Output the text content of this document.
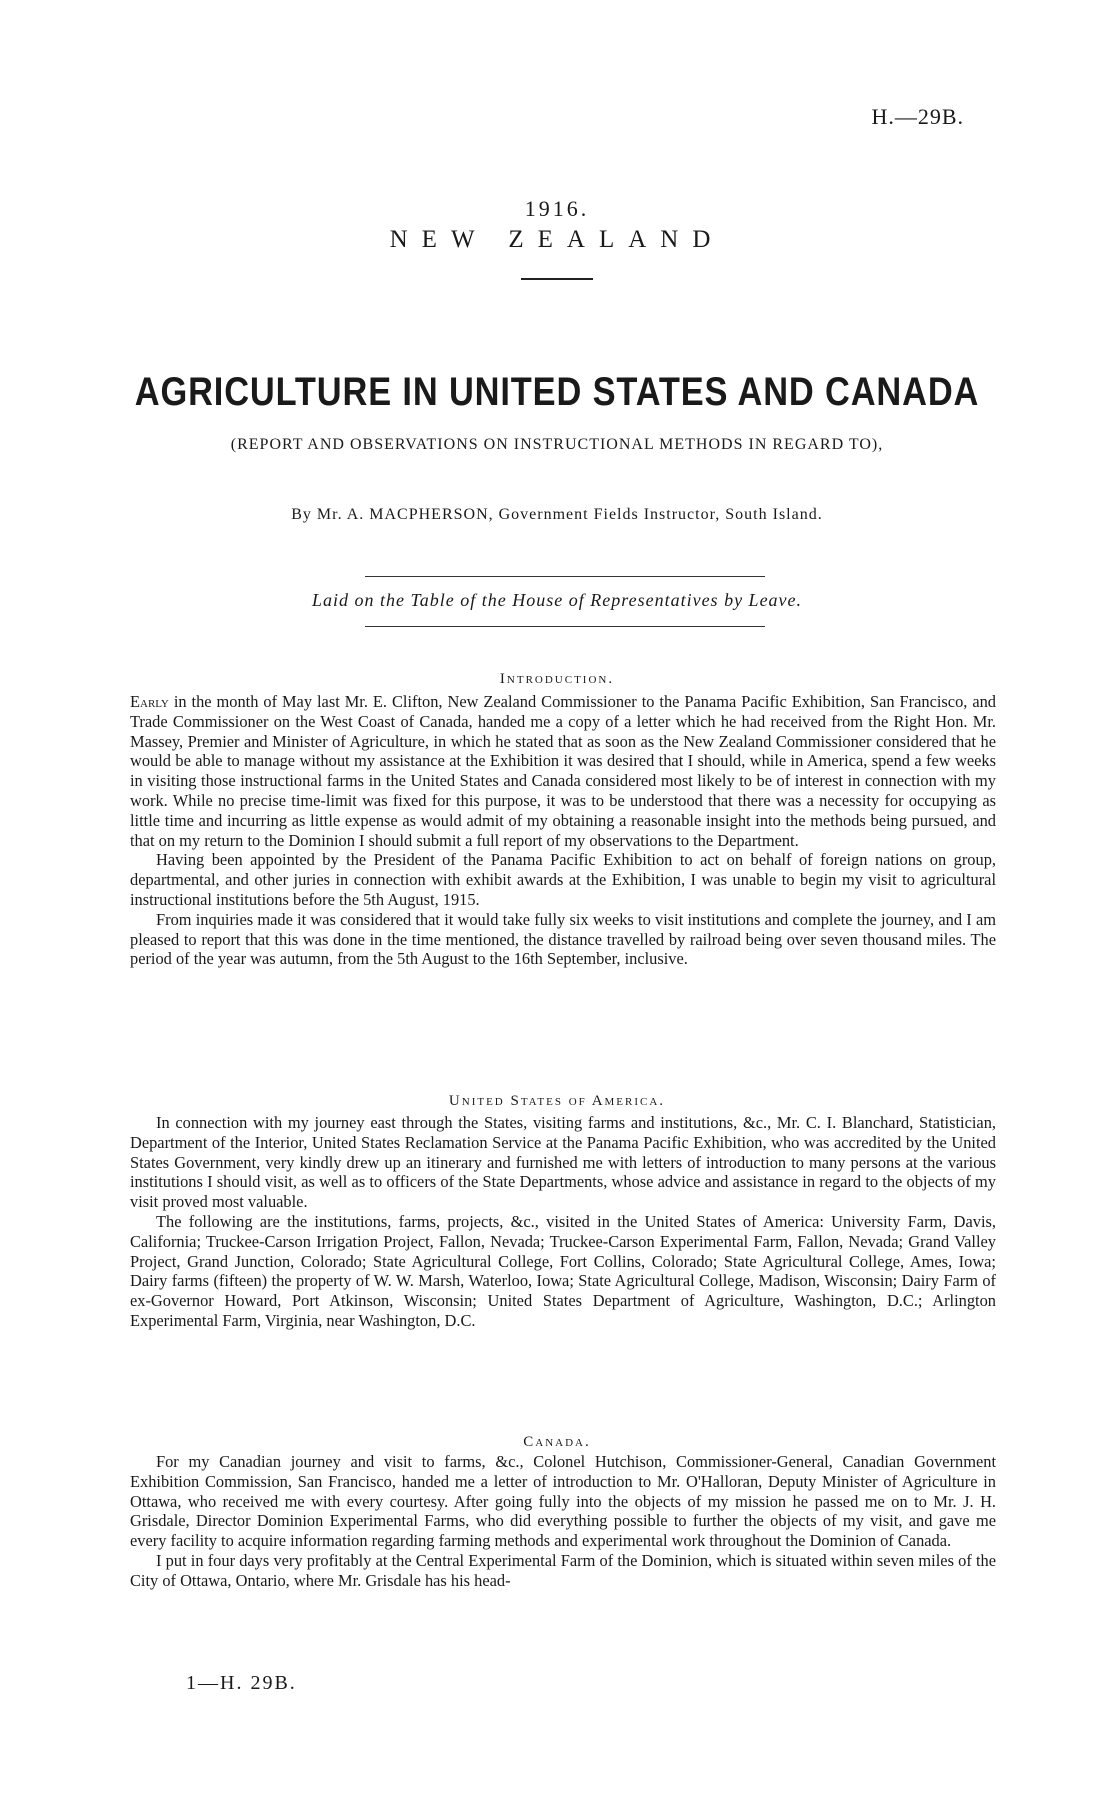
H.—29B.
1916.
NEW ZEALAND
AGRICULTURE IN UNITED STATES AND CANADA
(REPORT AND OBSERVATIONS ON INSTRUCTIONAL METHODS IN REGARD TO),
By Mr. A. MACPHERSON, Government Fields Instructor, South Island.
Laid on the Table of the House of Representatives by Leave.
Introduction.

Early in the month of May last Mr. E. Clifton, New Zealand Commissioner to the Panama Pacific Exhibition, San Francisco, and Trade Commissioner on the West Coast of Canada, handed me a copy of a letter which he had received from the Right Hon. Mr. Massey, Premier and Minister of Agriculture, in which he stated that as soon as the New Zealand Commissioner considered that he would be able to manage without my assistance at the Exhibition it was desired that I should, while in America, spend a few weeks in visiting those instructional farms in the United States and Canada considered most likely to be of interest in connection with my work. While no precise time-limit was fixed for this purpose, it was to be understood that there was a necessity for occupying as little time and incurring as little expense as would admit of my obtaining a reasonable insight into the methods being pursued, and that on my return to the Dominion I should submit a full report of my observations to the Department.

Having been appointed by the President of the Panama Pacific Exhibition to act on behalf of foreign nations on group, departmental, and other juries in connection with exhibit awards at the Exhibition, I was unable to begin my visit to agricultural instructional institutions before the 5th August, 1915.

From inquiries made it was considered that it would take fully six weeks to visit institutions and complete the journey, and I am pleased to report that this was done in the time mentioned, the distance travelled by railroad being over seven thousand miles. The period of the year was autumn, from the 5th August to the 16th September, inclusive.

United States of America.

In connection with my journey east through the States, visiting farms and institutions, &c., Mr. C. I. Blanchard, Statistician, Department of the Interior, United States Reclamation Service at the Panama Pacific Exhibition, who was accredited by the United States Government, very kindly drew up an itinerary and furnished me with letters of introduction to many persons at the various institutions I should visit, as well as to officers of the State Departments, whose advice and assistance in regard to the objects of my visit proved most valuable.

The following are the institutions, farms, projects, &c., visited in the United States of America: University Farm, Davis, California; Truckee-Carson Irrigation Project, Fallon, Nevada; Truckee-Carson Experimental Farm, Fallon, Nevada; Grand Valley Project, Grand Junction, Colorado; State Agricultural College, Fort Collins, Colorado; State Agricultural College, Ames, Iowa; Dairy farms (fifteen) the property of W. W. Marsh, Waterloo, Iowa; State Agricultural College, Madison, Wisconsin; Dairy Farm of ex-Governor Howard, Port Atkinson, Wisconsin; United States Department of Agriculture, Washington, D.C.; Arlington Experimental Farm, Virginia, near Washington, D.C.

Canada.

For my Canadian journey and visit to farms, &c., Colonel Hutchison, Commissioner-General, Canadian Government Exhibition Commission, San Francisco, handed me a letter of introduction to Mr. O'Halloran, Deputy Minister of Agriculture in Ottawa, who received me with every courtesy. After going fully into the objects of my mission he passed me on to Mr. J. H. Grisdale, Director Dominion Experimental Farms, who did everything possible to further the objects of my visit, and gave me every facility to acquire information regarding farming methods and experimental work throughout the Dominion of Canada.

I put in four days very profitably at the Central Experimental Farm of the Dominion, which is situated within seven miles of the City of Ottawa, Ontario, where Mr. Grisdale has his head-

1—H. 29B.
